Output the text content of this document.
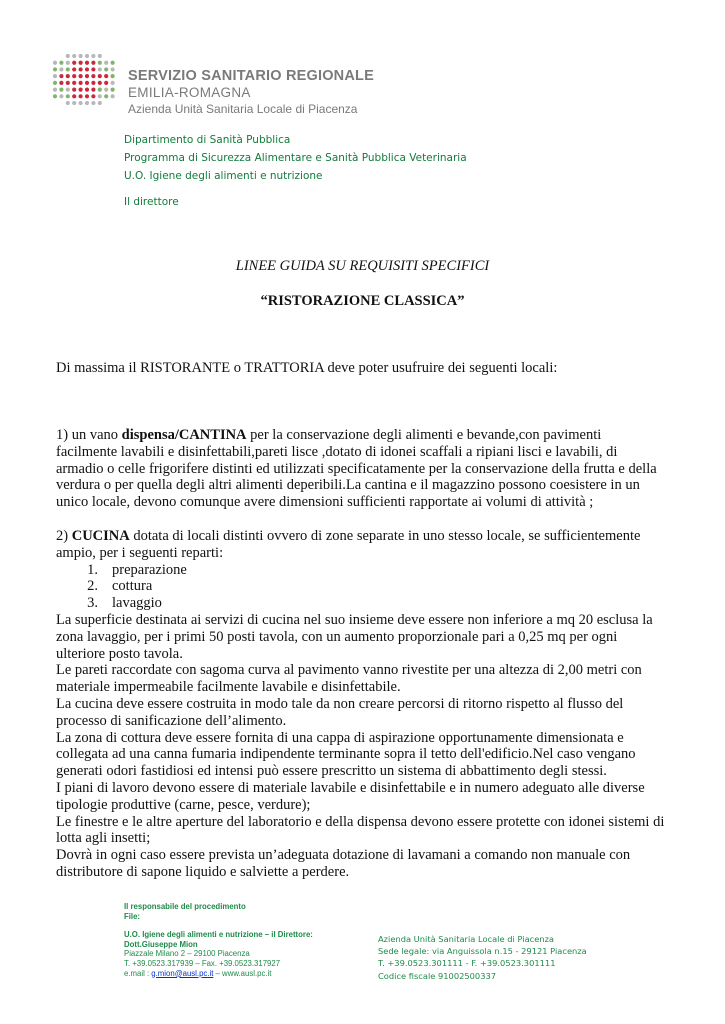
SERVIZIO SANITARIO REGIONALE
EMILIA-ROMAGNA
Azienda Unità Sanitaria Locale di Piacenza
Dipartimento di Sanità Pubblica
Programma di Sicurezza Alimentare e Sanità Pubblica Veterinaria
U.O. Igiene degli alimenti e nutrizione
Il direttore
LINEE GUIDA SU REQUISITI SPECIFICI
“RISTORAZIONE CLASSICA”
Di massima il RISTORANTE o TRATTORIA deve poter usufruire dei seguenti locali:

1) un vano dispensa/CANTINA per la conservazione degli alimenti e bevande,con pavimenti facilmente lavabili e disinfettabili,pareti lisce ,dotato di idonei scaffali a ripiani lisci e lavabili, di armadio o celle frigorifere distinti ed utilizzati specificatamente per la conservazione della frutta e della verdura o per quella degli altri alimenti deperibili.La cantina e il magazzino possono coesistere in un unico locale, devono comunque avere dimensioni sufficienti rapportate ai volumi di attività ;

2) CUCINA dotata di locali distinti ovvero di zone separate in uno stesso locale, se sufficientemente ampio, per i seguenti reparti:

1. preparazione
2. cottura
3. lavaggio

La superficie destinata ai servizi di cucina nel suo insieme deve essere non inferiore a mq 20 esclusa la zona lavaggio, per i primi 50 posti tavola, con un aumento proporzionale pari a 0,25 mq per ogni ulteriore posto tavola.

Le pareti raccordate con sagoma curva al pavimento vanno rivestite per una altezza di 2,00 metri con materiale impermeabile facilmente lavabile e disinfettabile.

La cucina deve essere costruita in modo tale da non creare percorsi di ritorno rispetto al flusso del processo di sanificazione dell’alimento.

La zona di cottura deve essere fornita di una cappa di aspirazione opportunamente dimensionata e collegata ad una canna fumaria indipendente terminante sopra il tetto dell'edificio.Nel caso vengano generati odori fastidiosi ed intensi può essere prescritto un sistema di abbattimento degli stessi.

I piani di lavoro devono essere di materiale lavabile e disinfettabile e in numero adeguato alle diverse tipologie produttive (carne, pesce, verdure);

Le finestre e le altre aperture del laboratorio e della dispensa devono essere protette con idonei sistemi di lotta agli insetti;

Dovrà in ogni caso essere prevista un’adeguata dotazione di lavamani a comando non manuale con distributore di sapone liquido e salviette a perdere.

Il responsabile del procedimento
File:
U.O. Igiene degli alimenti e nutrizione – il Direttore:
Dott.Giuseppe Mion
Piazzale Milano 2 – 29100 Piacenza
T. +39.0523.317939 – Fax. +39.0523.317927
e.mail : g.mion@ausl.pc.it – www.ausl.pc.it
Azienda Unità Sanitaria Locale di Piacenza
Sede legale: via Anguissola n.15 - 29121 Piacenza
T. +39.0523.301111 - F. +39.0523.301111
Codice fiscale 91002500337
